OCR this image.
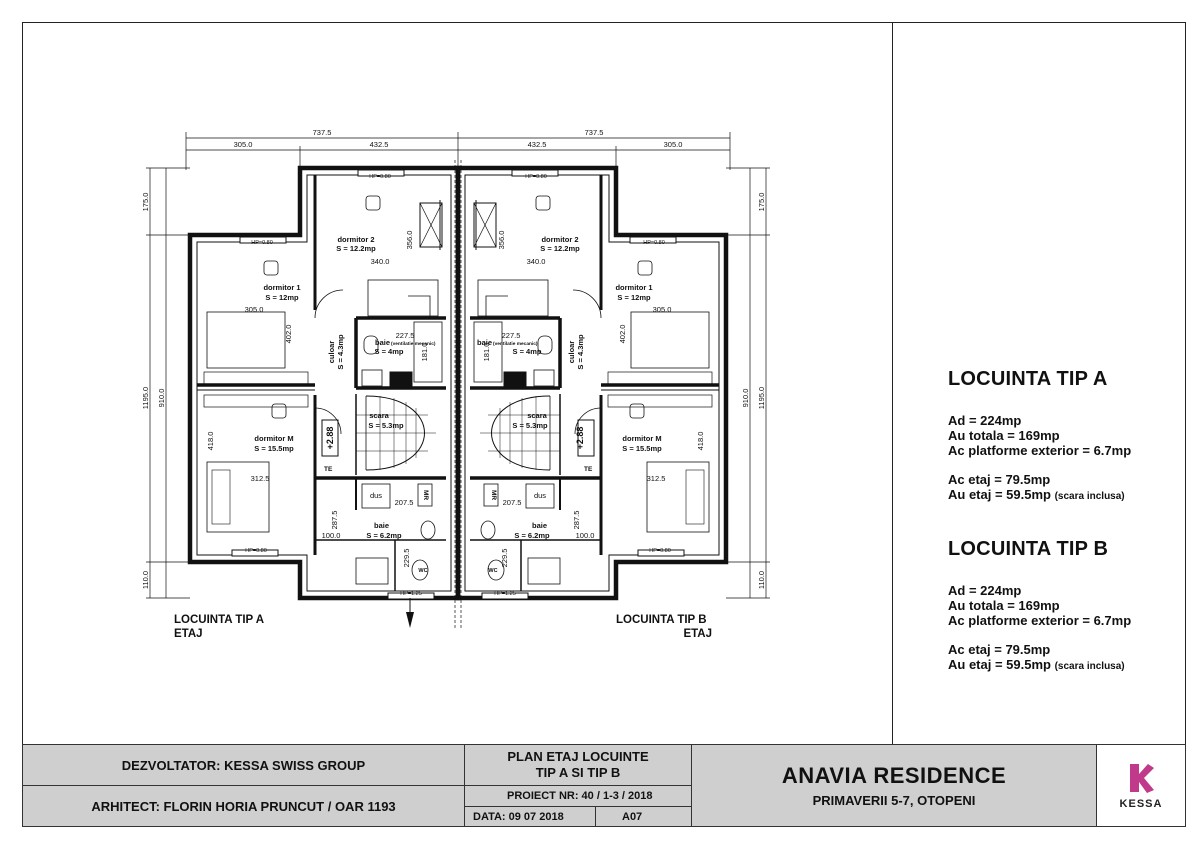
737.5	737.5
305.0	432.5	432.5	305.0
175.0
910.0
1195.0
110.0
175.0
910.0 1195.0
110.0
HP=0.80
HP=0.80
HP=0.80
HP=1.25
dormitor 2
S = 12.2mp
340.0
356.0
dormitor 1
S = 12mp
305.0
402.0
culoar S = 4.3mp	227.5
baie (ventilatie mecanic)
S = 4mp 181.0
scara
S = 5.3mp
+2.88
dormitor M
S = 15.5mp
312.5
418.0
TE
dus	MR
207.5
baie
S = 6.2mp
287.5
100.0
229.5
WC
HP=0.80
HP=0.80
HP=0.80
HP=1.25
dormitor 2
S = 12.2mp
340.0
356.0
dormitor 1
S = 12mp
305.0
402.0
culoar S = 4.3mp
227.5
baie (ventilatie mecanic)
S = 4mp
181.0
scara
S = 5.3mp
+2.88	dormitor M
S = 15.5mp
312.5
418.0
TE
dus
MR
207.5
baie
S = 6.2mp
287.5
100.0
229.5
WC
LOCUINTA TIP A
ETAJ
LOCUINTA TIP B
ETAJ
LOCUINTA TIP A
Ad = 224mp
Au totala = 169mp
Ac platforme exterior = 6.7mp
Ac etaj = 79.5mp
Au etaj = 59.5mp (scara inclusa)
LOCUINTA TIP B
Ad = 224mp
Au totala = 169mp
Ac platforme exterior = 6.7mp
Ac etaj = 79.5mp
Au etaj = 59.5mp (scara inclusa)
DEZVOLTATOR: KESSA SWISS GROUP
ARHITECT: FLORIN HORIA PRUNCUT / OAR 1193
PLAN ETAJ LOCUINTE
TIP A SI TIP B
PROIECT NR: 40 / 1-3 / 2018
DATA: 09 07 2018	A07
ANAVIA RESIDENCE
PRIMAVERII 5-7, OTOPENI	KESSA
